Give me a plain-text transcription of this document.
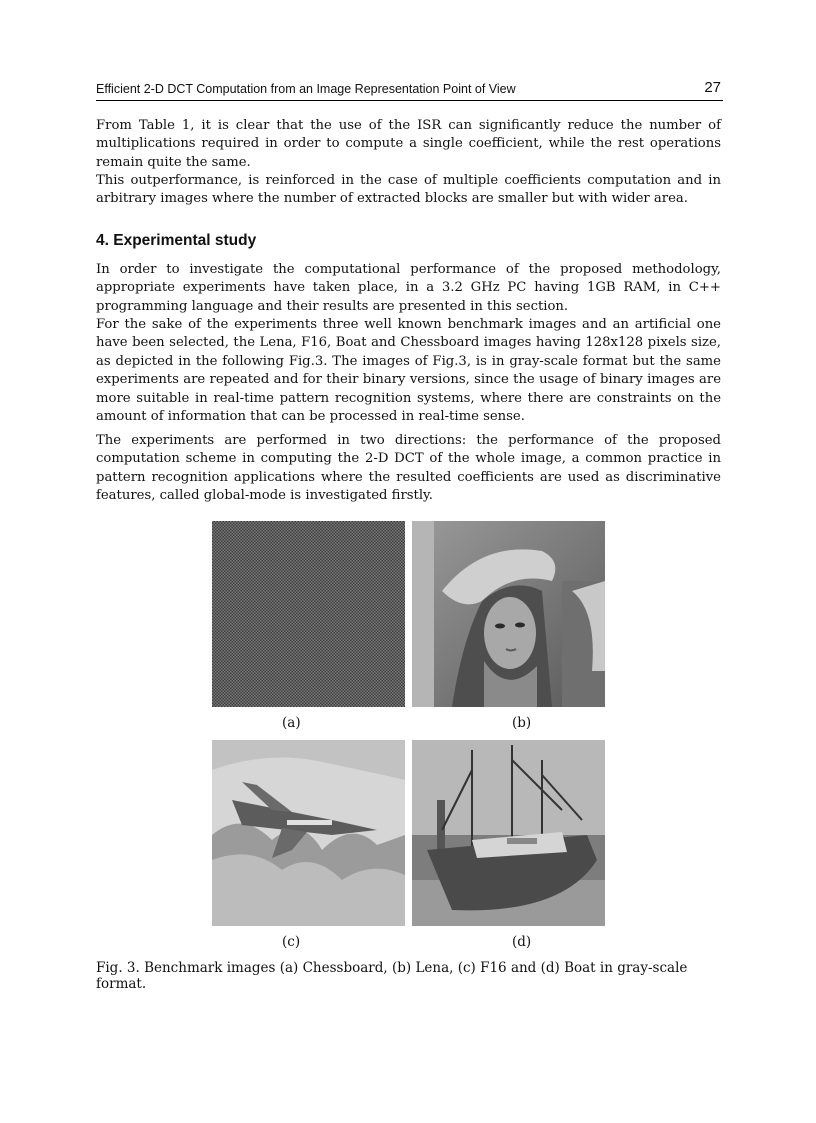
Efficient 2-D DCT Computation from an Image Representation Point of View	27

From Table 1, it is clear that the use of the ISR can significantly reduce the number of multiplications required in order to compute a single coefficient, while the rest operations remain quite the same.

This outperformance, is reinforced in the case of multiple coefficients computation and in arbitrary images where the number of extracted blocks are smaller but with wider area.

4. Experimental study

In order to investigate the computational performance of the proposed methodology, appropriate experiments have taken place, in a 3.2 GHz PC having 1GB RAM, in C++ programming language and their results are presented in this section.

For the sake of the experiments three well known benchmark images and an artificial one have been selected, the Lena, F16, Boat and Chessboard images having 128x128 pixels size, as depicted in the following Fig.3. The images of Fig.3, is in gray-scale format but the same experiments are repeated and for their binary versions, since the usage of binary images are more suitable in real-time pattern recognition systems, where there are constraints on the amount of information that can be processed in real-time sense.

The experiments are performed in two directions: the performance of the proposed computation scheme in computing the 2-D DCT of the whole image, a common practice in pattern recognition applications where the resulted coefficients are used as discriminative features, called global-mode is investigated firstly.

(a)	(b)
(c)	(d)
Fig. 3. Benchmark images (a) Chessboard, (b) Lena, (c) F16 and (d) Boat in gray-scale format.
